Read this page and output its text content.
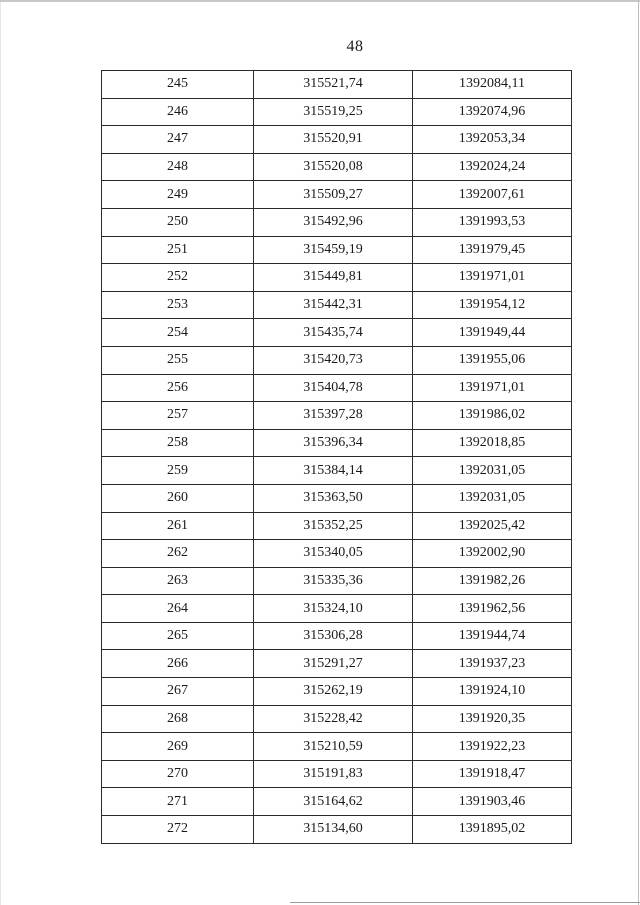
48
245	315521,74	1392084,11
246	315519,25	1392074,96
247	315520,91	1392053,34
248	315520,08	1392024,24
249	315509,27	1392007,61
250	315492,96	1391993,53
251	315459,19	1391979,45
252	315449,81	1391971,01
253	315442,31	1391954,12
254	315435,74	1391949,44
255	315420,73	1391955,06
256	315404,78	1391971,01
257	315397,28	1391986,02
258	315396,34	1392018,85
259	315384,14	1392031,05
260	315363,50	1392031,05
261	315352,25	1392025,42
262	315340,05	1392002,90
263	315335,36	1391982,26
264	315324,10	1391962,56
265	315306,28	1391944,74
266	315291,27	1391937,23
267	315262,19	1391924,10
268	315228,42	1391920,35
269	315210,59	1391922,23
270	315191,83	1391918,47
271	315164,62	1391903,46
272	315134,60	1391895,02
